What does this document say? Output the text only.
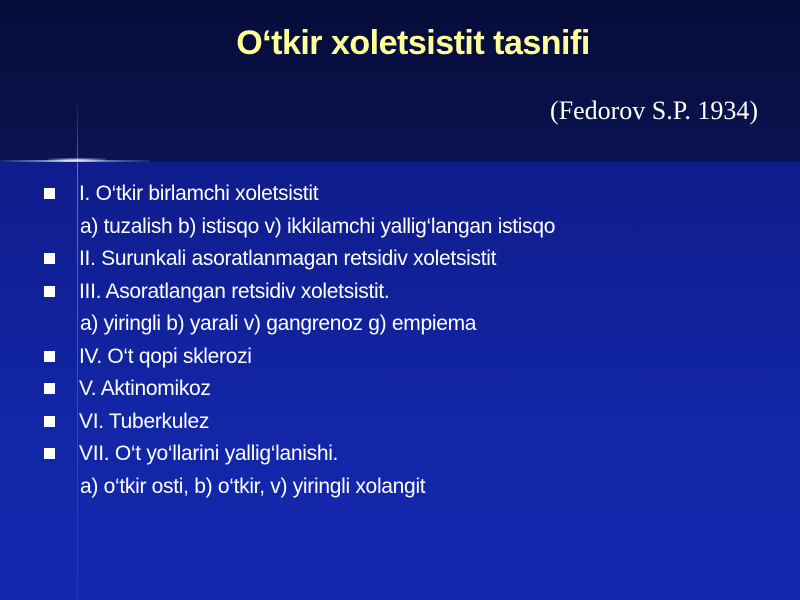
O‘tkir xoletsistit tasnifi

(Fedorov S.P. 1934)

I. O‘tkir birlamchi xoletsistit
a) tuzalish b) istisqo v) ikkilamchi yallig‘langan istisqo
II. Surunkali asoratlanmagan retsidiv xoletsistit
III. Asoratlangan retsidiv xoletsistit.
a) yiringli b) yarali v) gangrenoz g) empiema
IV. O‘t qopi sklerozi
V. Aktinomikoz
VI. Tuberkulez
VII. O‘t yo‘llarini yallig‘lanishi.
a) o‘tkir osti, b) o‘tkir, v) yiringli xolangit
